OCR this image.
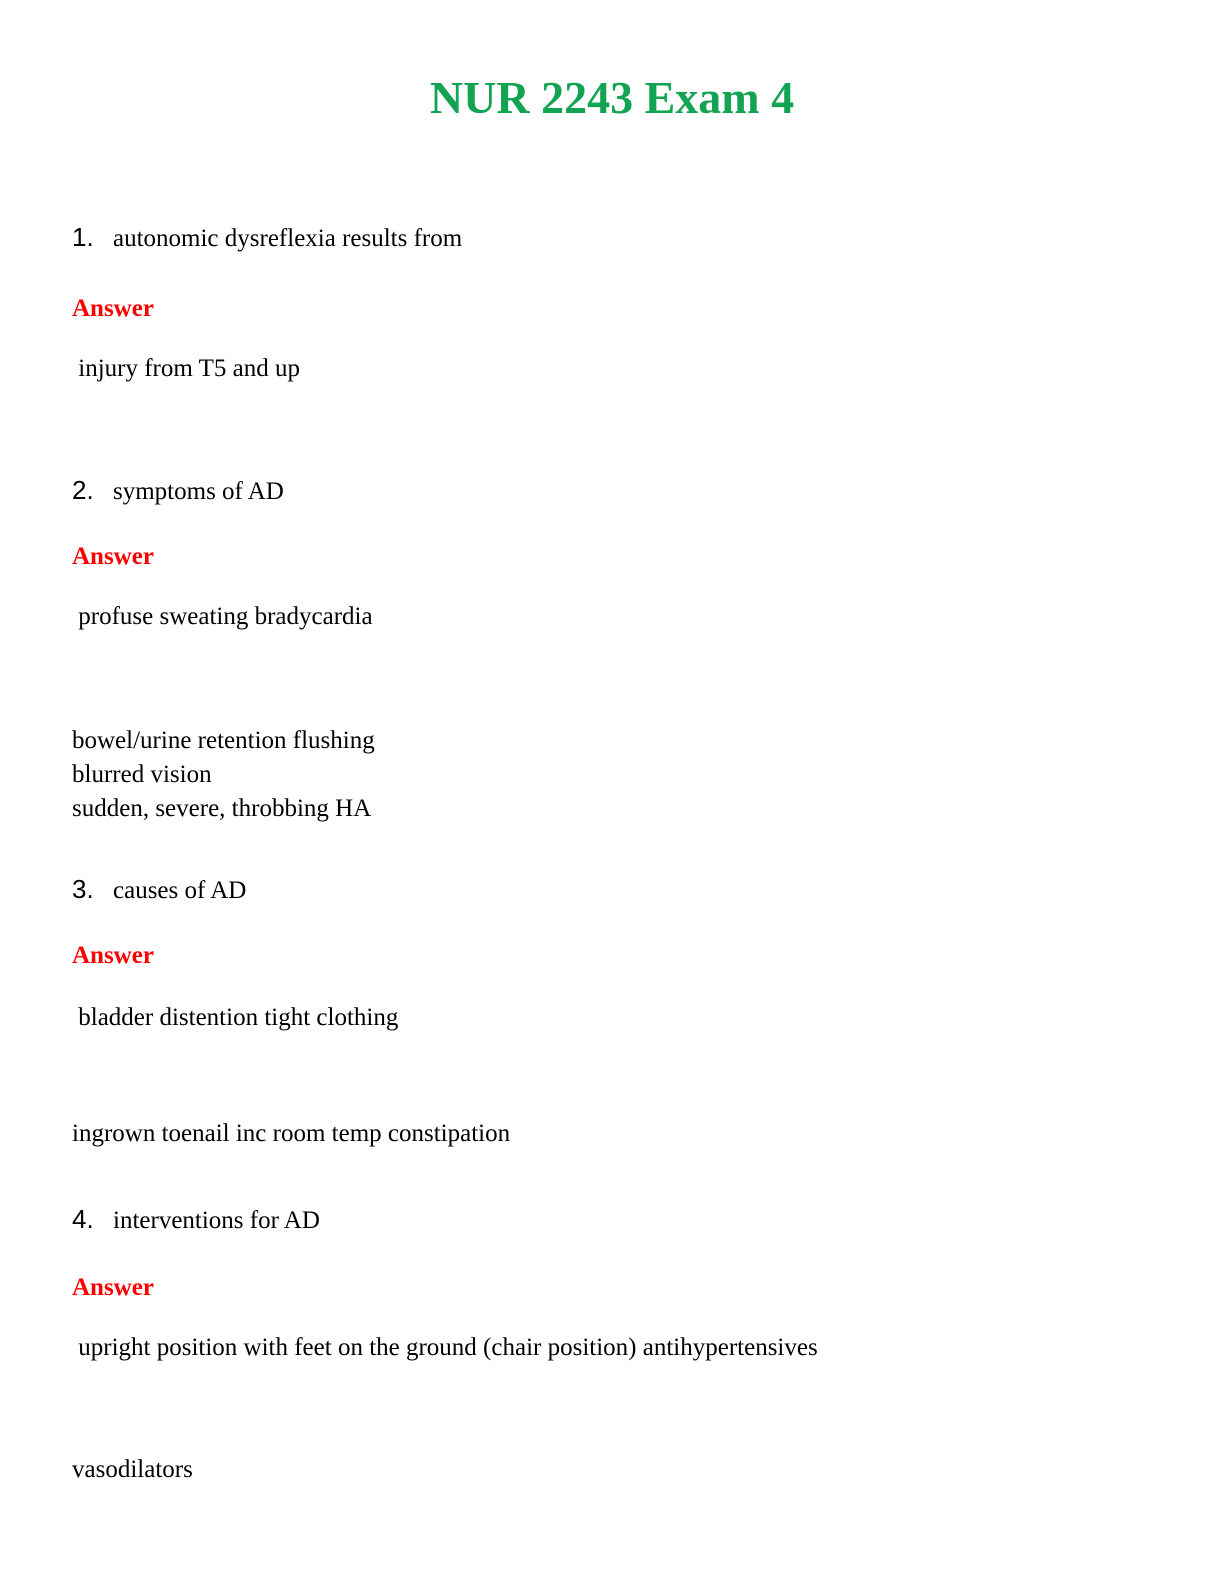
NUR 2243 Exam 4
1. autonomic dysreflexia results from
Answer
injury from T5 and up
2. symptoms of AD
Answer
profuse sweating bradycardia
bowel/urine retention flushing
blurred vision
sudden, severe, throbbing HA
3. causes of AD
Answer
bladder distention tight clothing
ingrown toenail inc room temp constipation
4. interventions for AD
Answer
upright position with feet on the ground (chair position) antihypertensives
vasodilators
